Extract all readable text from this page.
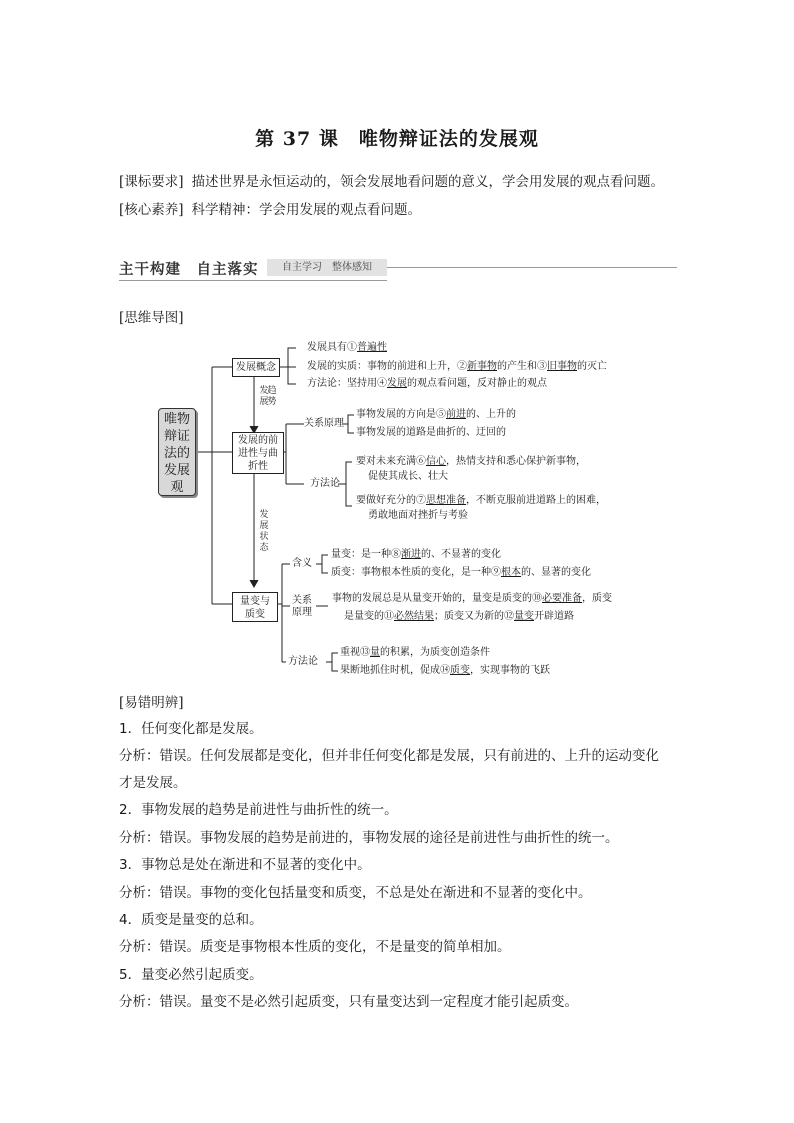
第 37 课　唯物辩证法的发展观
[课标要求] 描述世界是永恒运动的，领会发展地看问题的意义，学会用发展的观点看问题。
[核心素养] 科学精神：学会用发展的观点看问题。
主干构建　自主落实	自主学习　整体感知
[思维导图]
唯物
辩证
法的
发展
观
发展概念
发展具有①普遍性
发展的实质：事物的前进和上升，②新事物的产生和③旧事物的灭亡
方法论：坚持用④发展的观点看问题，反对静止的观点
发
展
趋
势
发展的前
进性与曲
折性
关系原理
事物发展的方向是⑤前进的、上升的
事物发展的道路是曲折的、迂回的
方法论
要对未来充满⑥信心，热情支持和悉心保护新事物，
促使其成长、壮大
要做好充分的⑦思想准备，不断克服前进道路上的困难，
勇敢地面对挫折与考验
发
展
状
态
量变与
质变
含义
量变：是一种⑧渐进的、不显著的变化
质变：事物根本性质的变化，是一种⑨根本的、显著的变化
关系
原理
事物的发展总是从量变开始的，量变是质变的⑩必要准备，质变
是量变的⑪必然结果；质变又为新的⑫量变开辟道路
方法论
重视⑬量的积累，为质变创造条件
果断地抓住时机，促成⑭质变，实现事物的飞跃
[易错明辨]
1．任何变化都是发展。
分析：错误。任何发展都是变化，但并非任何变化都是发展，只有前进的、上升的运动变化
才是发展。
2．事物发展的趋势是前进性与曲折性的统一。
分析：错误。事物发展的趋势是前进的，事物发展的途径是前进性与曲折性的统一。
3．事物总是处在渐进和不显著的变化中。
分析：错误。事物的变化包括量变和质变，不总是处在渐进和不显著的变化中。
4．质变是量变的总和。
分析：错误。质变是事物根本性质的变化，不是量变的简单相加。
5．量变必然引起质变。
分析：错误。量变不是必然引起质变，只有量变达到一定程度才能引起质变。
